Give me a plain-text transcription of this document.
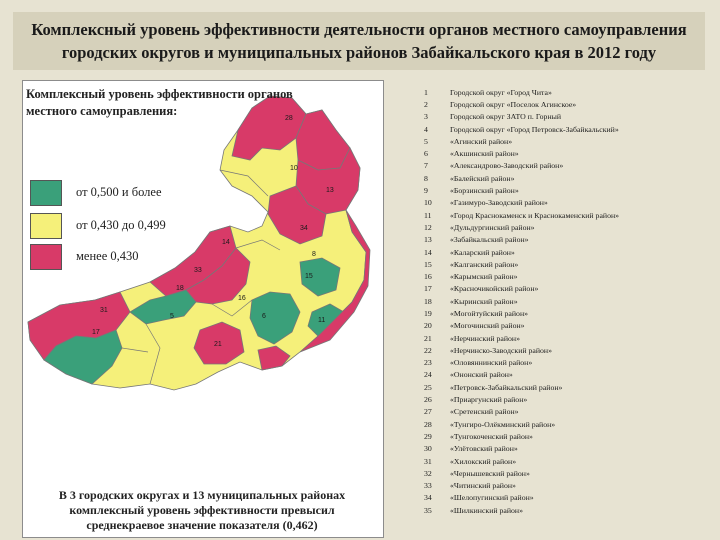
Комплексный уровень эффективности деятельности органов местного самоуправления
городских округов и муниципальных районов Забайкальского края в 2012 году
10
13
5
17
34
28
15
11
8
18
6
14
21
33
31
16
Комплексный уровень эффективности органов местного самоуправления:
от 0,500 и более
от 0,430 до 0,499
менее 0,430
В 3 городских округах и 13 муниципальных районах комплексный уровень эффективности превысил среднекраевое значение показателя (0,462)
1	Городской округ «Город Чита»
2	Городской округ «Поселок Агинское»
3	Городской округ ЗАТО п. Горный
4	Городской округ «Город Петровск-Забайкальский»
5	«Агинский район»
6	«Акшинский район»
7	«Александрово-Заводский район»
8	«Балейский район»
9	«Борзинский район»
10	«Газимуро-Заводский район»
11	«Город Краснокаменск и Краснокаменский район»
12	«Дульдургинский район»
13	«Забайкальский район»
14	«Каларский район»
15	«Калганский район»
16	«Карымский район»
17	«Красночикойский район»
18	«Кыринский район»
19	«Могойтуйский район»
20	«Могочинский район»
21	«Нерчинский район»
22	«Нерчинско-Заводский район»
23	«Оловяннинский район»
24	«Ононский район»
25	«Петровск-Забайкальский район»
26	«Приаргунский район»
27	«Сретенский район»
28	«Тунгиро-Олёкминский район»
29	«Тунгокоченский район»
30	«Улётовский район»
31	«Хилокский район»
32	«Чернышевский район»
33	«Читинский район»
34	«Шелопугинский район»
35	«Шилкинский район»
